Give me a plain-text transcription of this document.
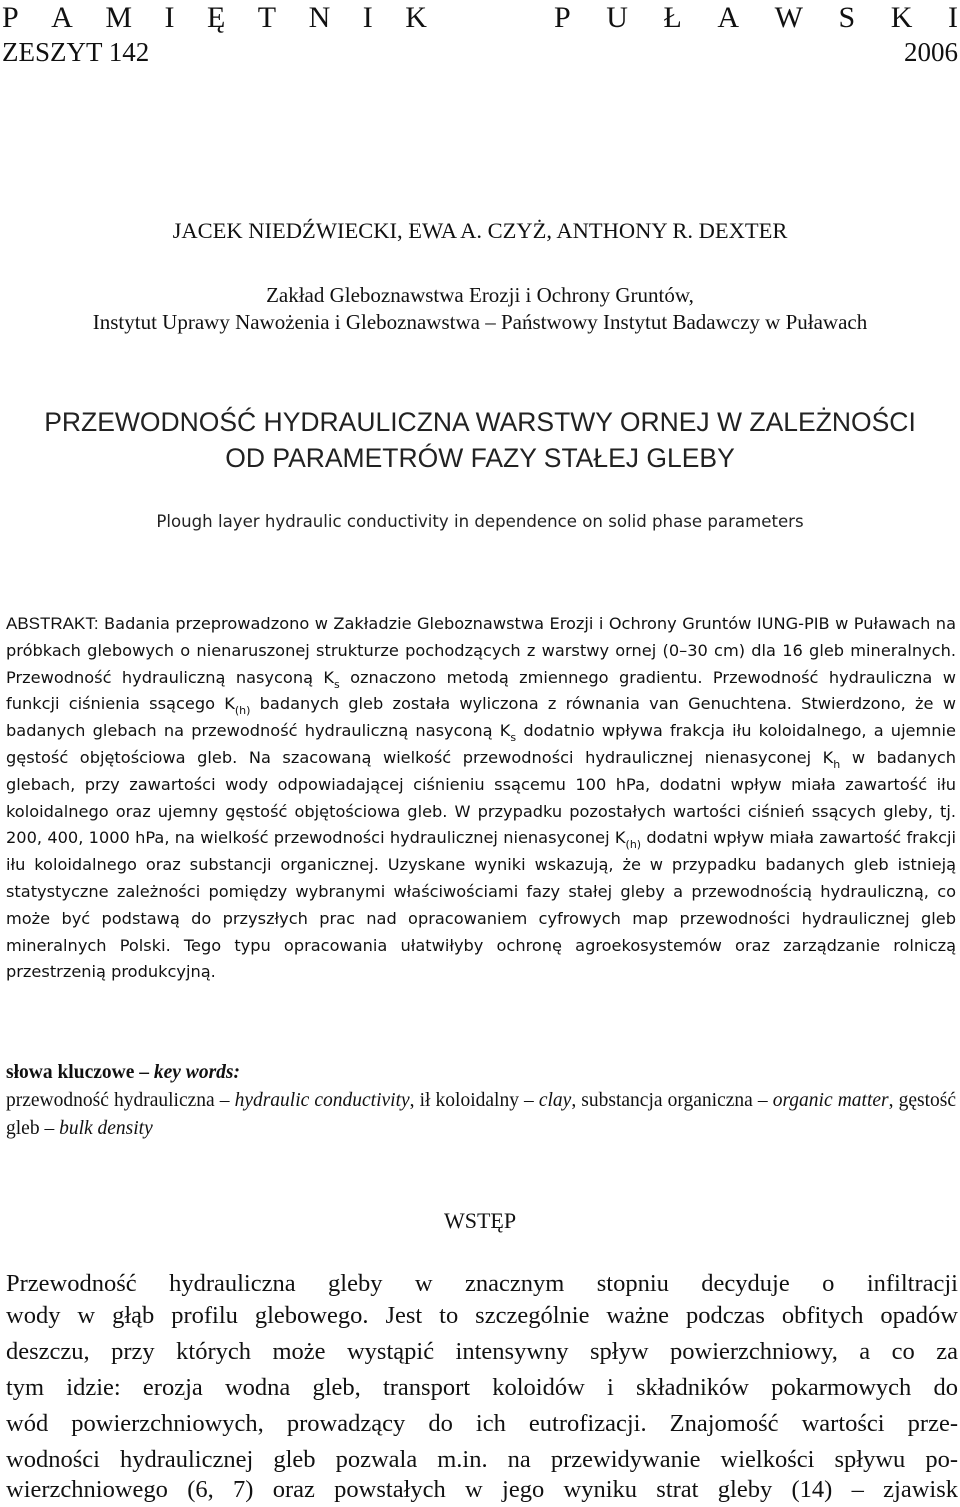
P A M I Ę T N I K	P U Ł A W S K I
ZESZYT 142	2006
JACEK NIEDŹWIECKI, EWA A. CZYŻ, ANTHONY R. DEXTER
Zakład Gleboznawstwa Erozji i Ochrony Gruntów,
Instytut Uprawy Nawożenia i Gleboznawstwa – Państwowy Instytut Badawczy w Puławach
PRZEWODNOŚĆ HYDRAULICZNA WARSTWY ORNEJ W ZALEŻNOŚCI
OD PARAMETRÓW FAZY STAŁEJ GLEBY
Plough layer hydraulic conductivity in dependence on solid phase parameters
ABSTRAKT: Badania przeprowadzono w Zakładzie Gleboznawstwa Erozji i Ochrony Gruntów IUNG-PIB w Puławach na próbkach glebowych o nienaruszonej strukturze pochodzących z warstwy ornej (0–30 cm) dla 16 gleb mineralnych. Przewodność hydrauliczną nasyconą $K_s$ oznaczono metodą zmiennego gradientu. Przewodność hydrauliczna w funkcji ciśnienia ssącego $K_{(h)}$ badanych gleb została wyliczona z równania van Genuchtena. Stwierdzono, że w badanych glebach na przewodność hydrauliczną nasyconą $K_s$ dodatnio wpływa frakcja iłu koloidalnego, a ujemnie gęstość objętościowa gleb. Na szacowaną wielkość przewodności hydraulicznej nienasyconej $K_h$ w badanych glebach, przy zawartości wody odpowiadającej ciśnieniu ssącemu 100 hPa, dodatni wpływ miała zawartość iłu koloidalnego oraz ujemny gęstość objętościowa gleb. W przypadku pozostałych wartości ciśnień ssących gleby, tj. 200, 400, 1000 hPa, na wielkość przewodności hydraulicznej nienasyconej $K_{(h)}$ dodatni wpływ miała zawartość frakcji iłu koloidalnego oraz substancji organicznej. Uzyskane wyniki wskazują, że w przypadku badanych gleb istnieją statystyczne zależności pomiędzy wybranymi właściwościami fazy stałej gleby a przewodnością hydrauliczną, co może być podstawą do przyszłych prac nad opracowaniem cyfrowych map przewodności hydraulicznej gleb mineralnych Polski. Tego typu opracowania ułatwiłyby ochronę agroekosystemów oraz zarządzanie rolniczą przestrzenią produkcyjną.
słowa kluczowe – key words:
przewodność hydrauliczna – hydraulic conductivity, ił koloidalny – clay, substancja organiczna – organic matter, gęstość gleb – bulk density
WSTĘP
Przewodność hydrauliczna gleby w znacznym stopniu decyduje o infiltracji
wody w głąb profilu glebowego. Jest to szczególnie ważne podczas obfitych opadów
deszczu, przy których może wystąpić intensywny spływ powierzchniowy, a co za
tym idzie: erozja wodna gleb, transport koloidów i składników pokarmowych do
wód powierzchniowych, prowadzący do ich eutrofizacji. Znajomość wartości prze-
wodności hydraulicznej gleb pozwala m.in. na przewidywanie wielkości spływu po-
wierzchniowego (6, 7) oraz powstałych w jego wyniku strat gleby (14) – zjawisk
